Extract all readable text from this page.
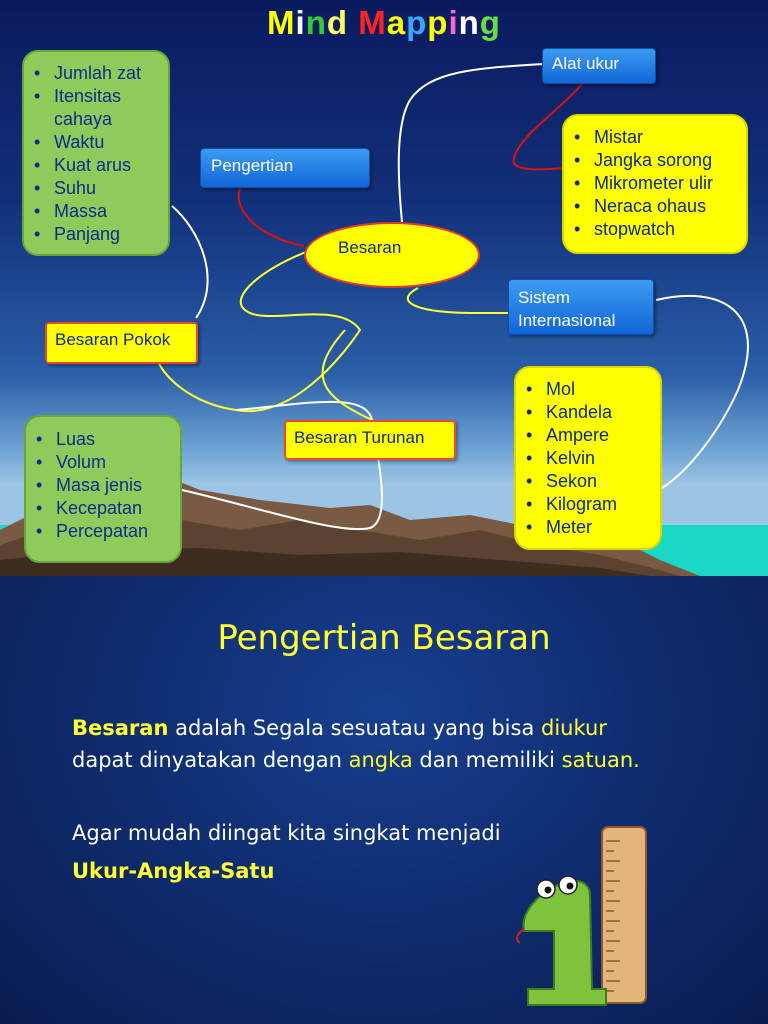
Mind Mapping
• Jumlah zat
• Itensitas cahaya
• Waktu
• Kuat arus
• Suhu
• Massa
• Panjang
Pengertian
Besaran
Alat ukur
• Mistar
• Jangka sorong
• Mikrometer ulir
• Neraca ohaus
• stopwatch
Sistem Internasional
Besaran Pokok
Besaran Turunan
• Luas
• Volum
• Masa jenis
• Kecepatan
• Percepatan
• Mol
• Kandela
• Ampere
• Kelvin
• Sekon
• Kilogram
• Meter
Pengertian Besaran
Besaran adalah Segala sesuatau yang bisa diukur
dapat dinyatakan dengan angka dan memiliki satuan.
Agar mudah diingat kita singkat menjadi
Ukur-Angka-Satu
